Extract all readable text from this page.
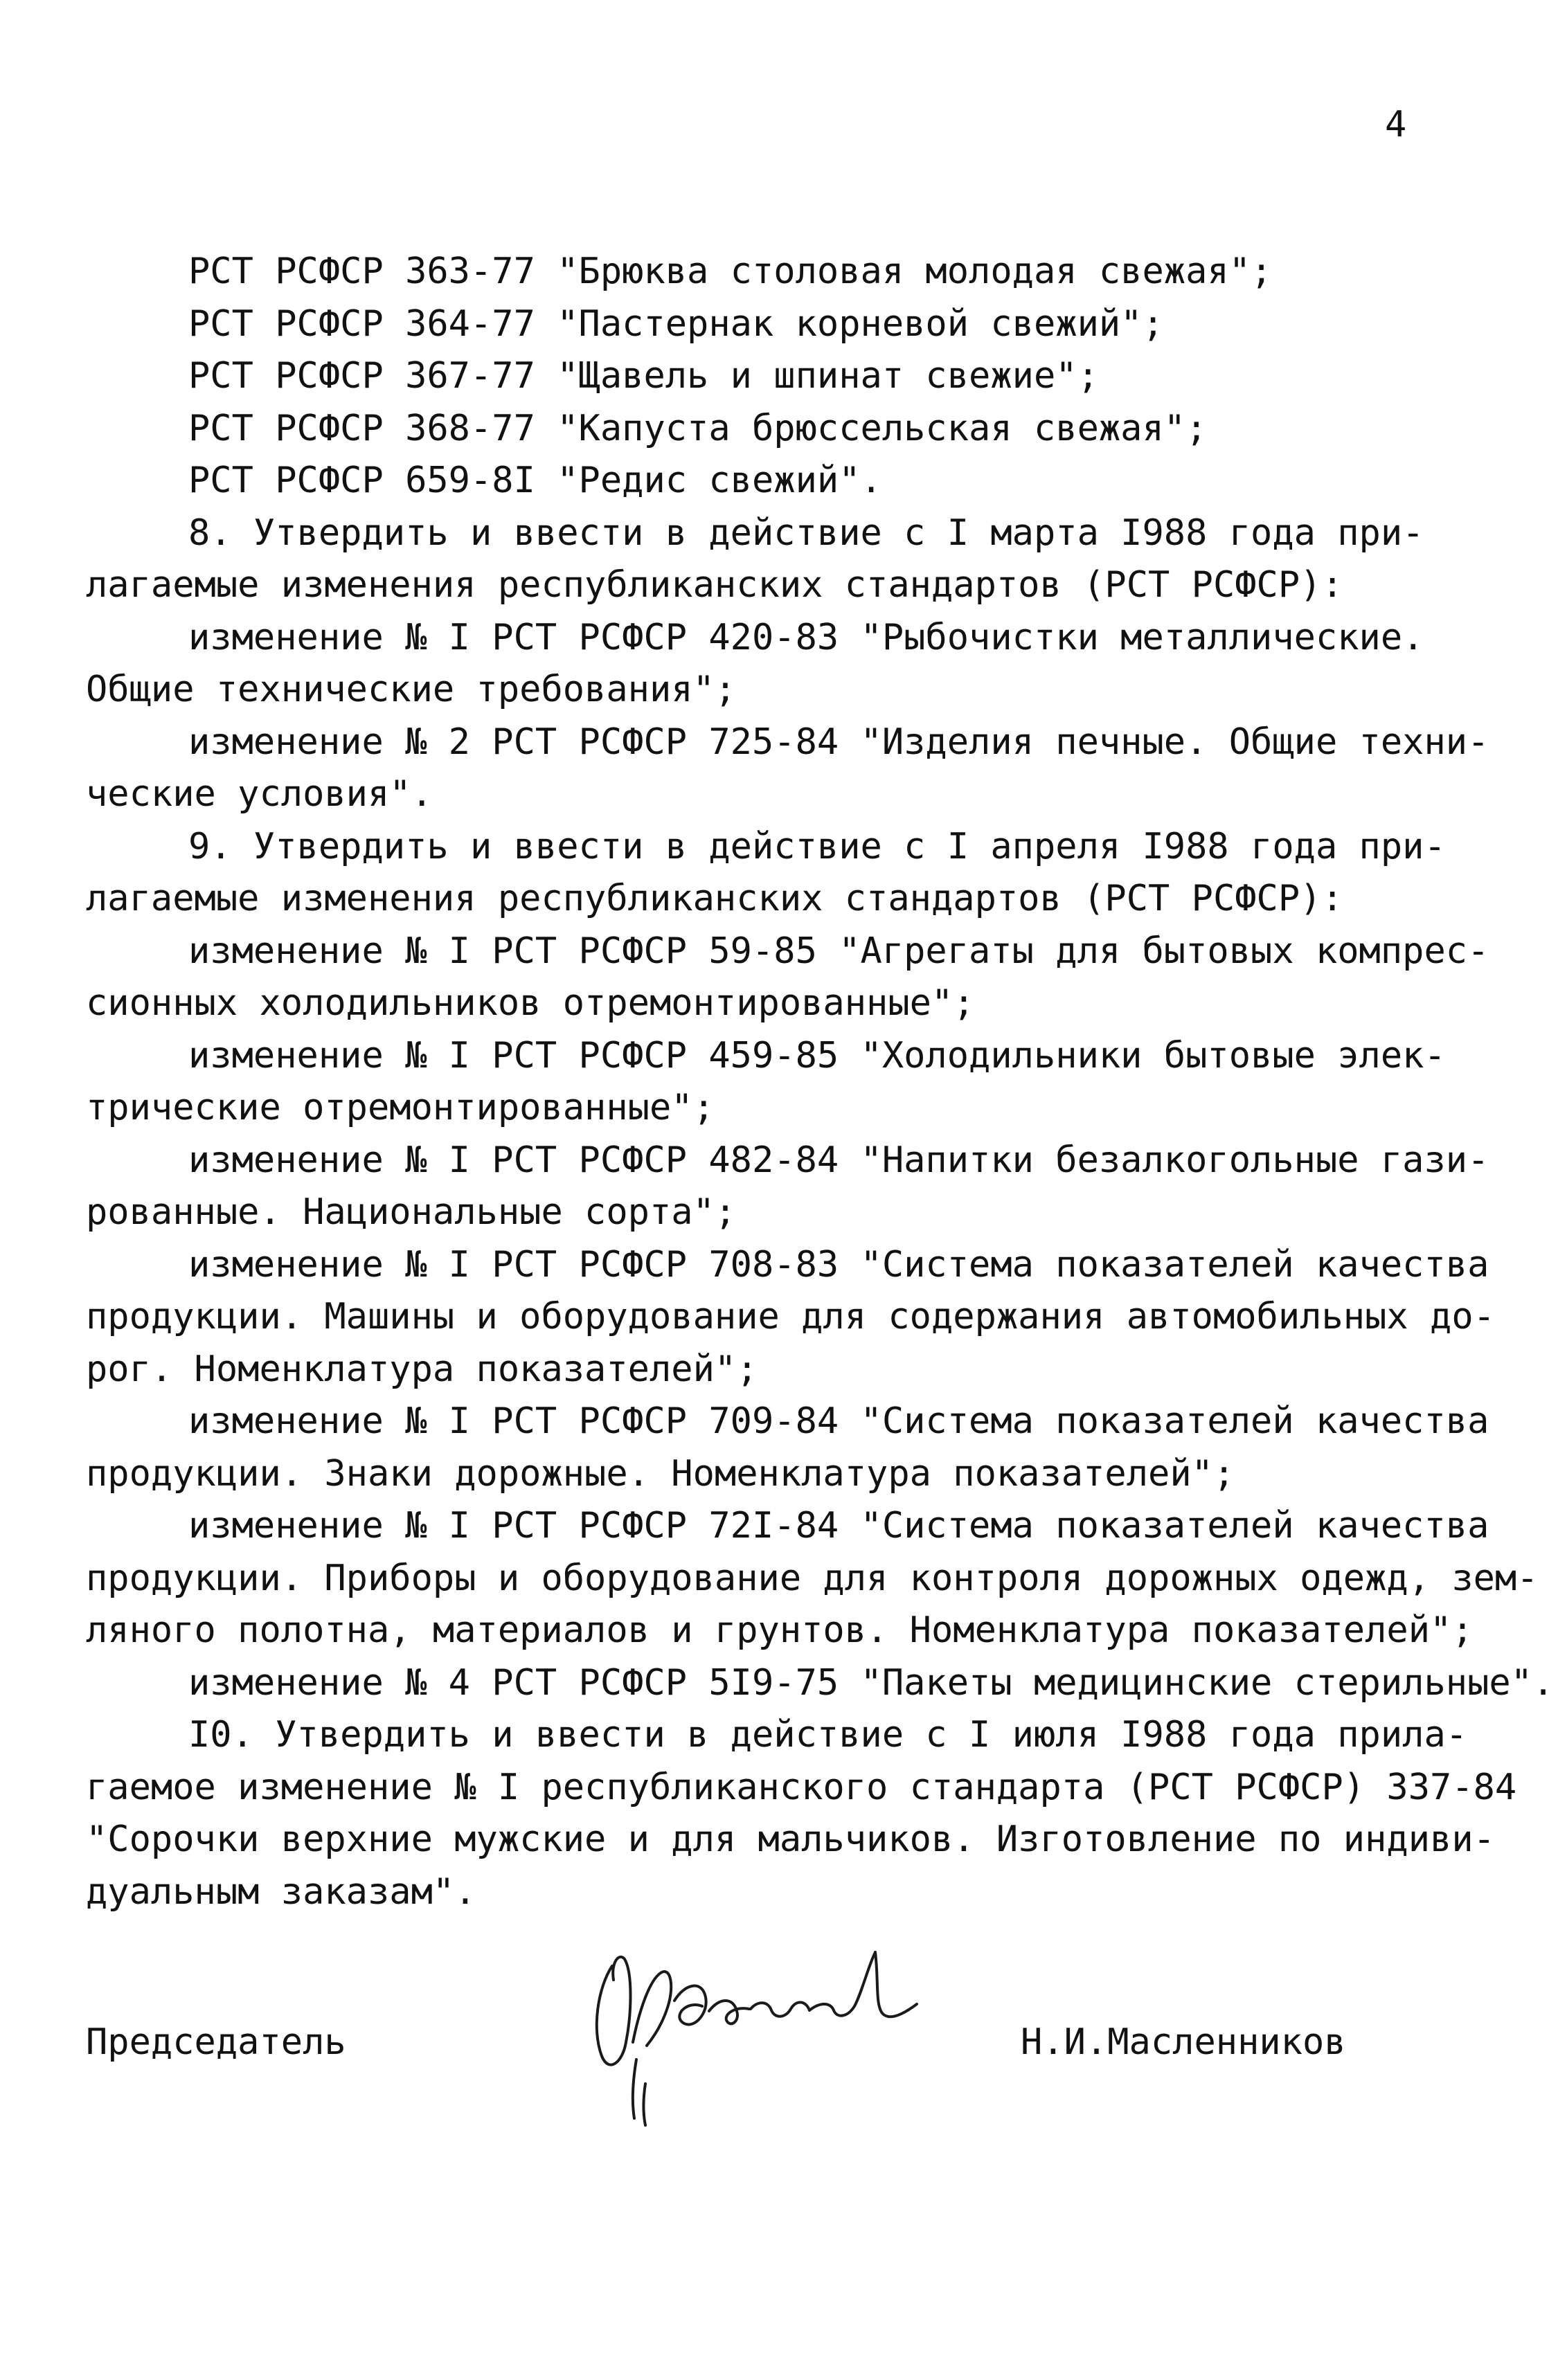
4
РСТ РСФСР 363-77 "Брюква столовая молодая свежая";
РСТ РСФСР 364-77 "Пастернак корневой свежий";
РСТ РСФСР 367-77 "Щавель и шпинат свежие";
РСТ РСФСР 368-77 "Капуста брюссельская свежая";
РСТ РСФСР 659-8I "Редис свежий".
8. Утвердить и ввести в действие с I марта I988 года при-
лагаемые изменения республиканских стандартов (РСТ РСФСР):
изменение № I РСТ РСФСР 420-83 "Рыбочистки металлические.
Общие технические требования";
изменение № 2 РСТ РСФСР 725-84 "Изделия печные. Общие техни-
ческие условия".
9. Утвердить и ввести в действие с I апреля I988 года при-
лагаемые изменения республиканских стандартов (РСТ РСФСР):
изменение № I РСТ РСФСР 59-85 "Агрегаты для бытовых компрес-
сионных холодильников отремонтированные";
изменение № I РСТ РСФСР 459-85 "Холодильники бытовые элек-
трические отремонтированные";
изменение № I РСТ РСФСР 482-84 "Напитки безалкогольные гази-
рованные. Национальные сорта";
изменение № I РСТ РСФСР 708-83 "Система показателей качества
продукции. Машины и оборудование для содержания автомобильных до-
рог. Номенклатура показателей";
изменение № I РСТ РСФСР 709-84 "Система показателей качества
продукции. Знаки дорожные. Номенклатура показателей";
изменение № I РСТ РСФСР 72I-84 "Система показателей качества
продукции. Приборы и оборудование для контроля дорожных одежд, зем-
ляного полотна, материалов и грунтов. Номенклатура показателей";
изменение № 4 РСТ РСФСР 5I9-75 "Пакеты медицинские стерильные".
I0. Утвердить и ввести в действие с I июля I988 года прила-
гаемое изменение № I республиканского стандарта (РСТ РСФСР) 337-84
"Сорочки верхние мужские и для мальчиков. Изготовление по индиви-
дуальным заказам".
Председатель	Н.И.Масленников
